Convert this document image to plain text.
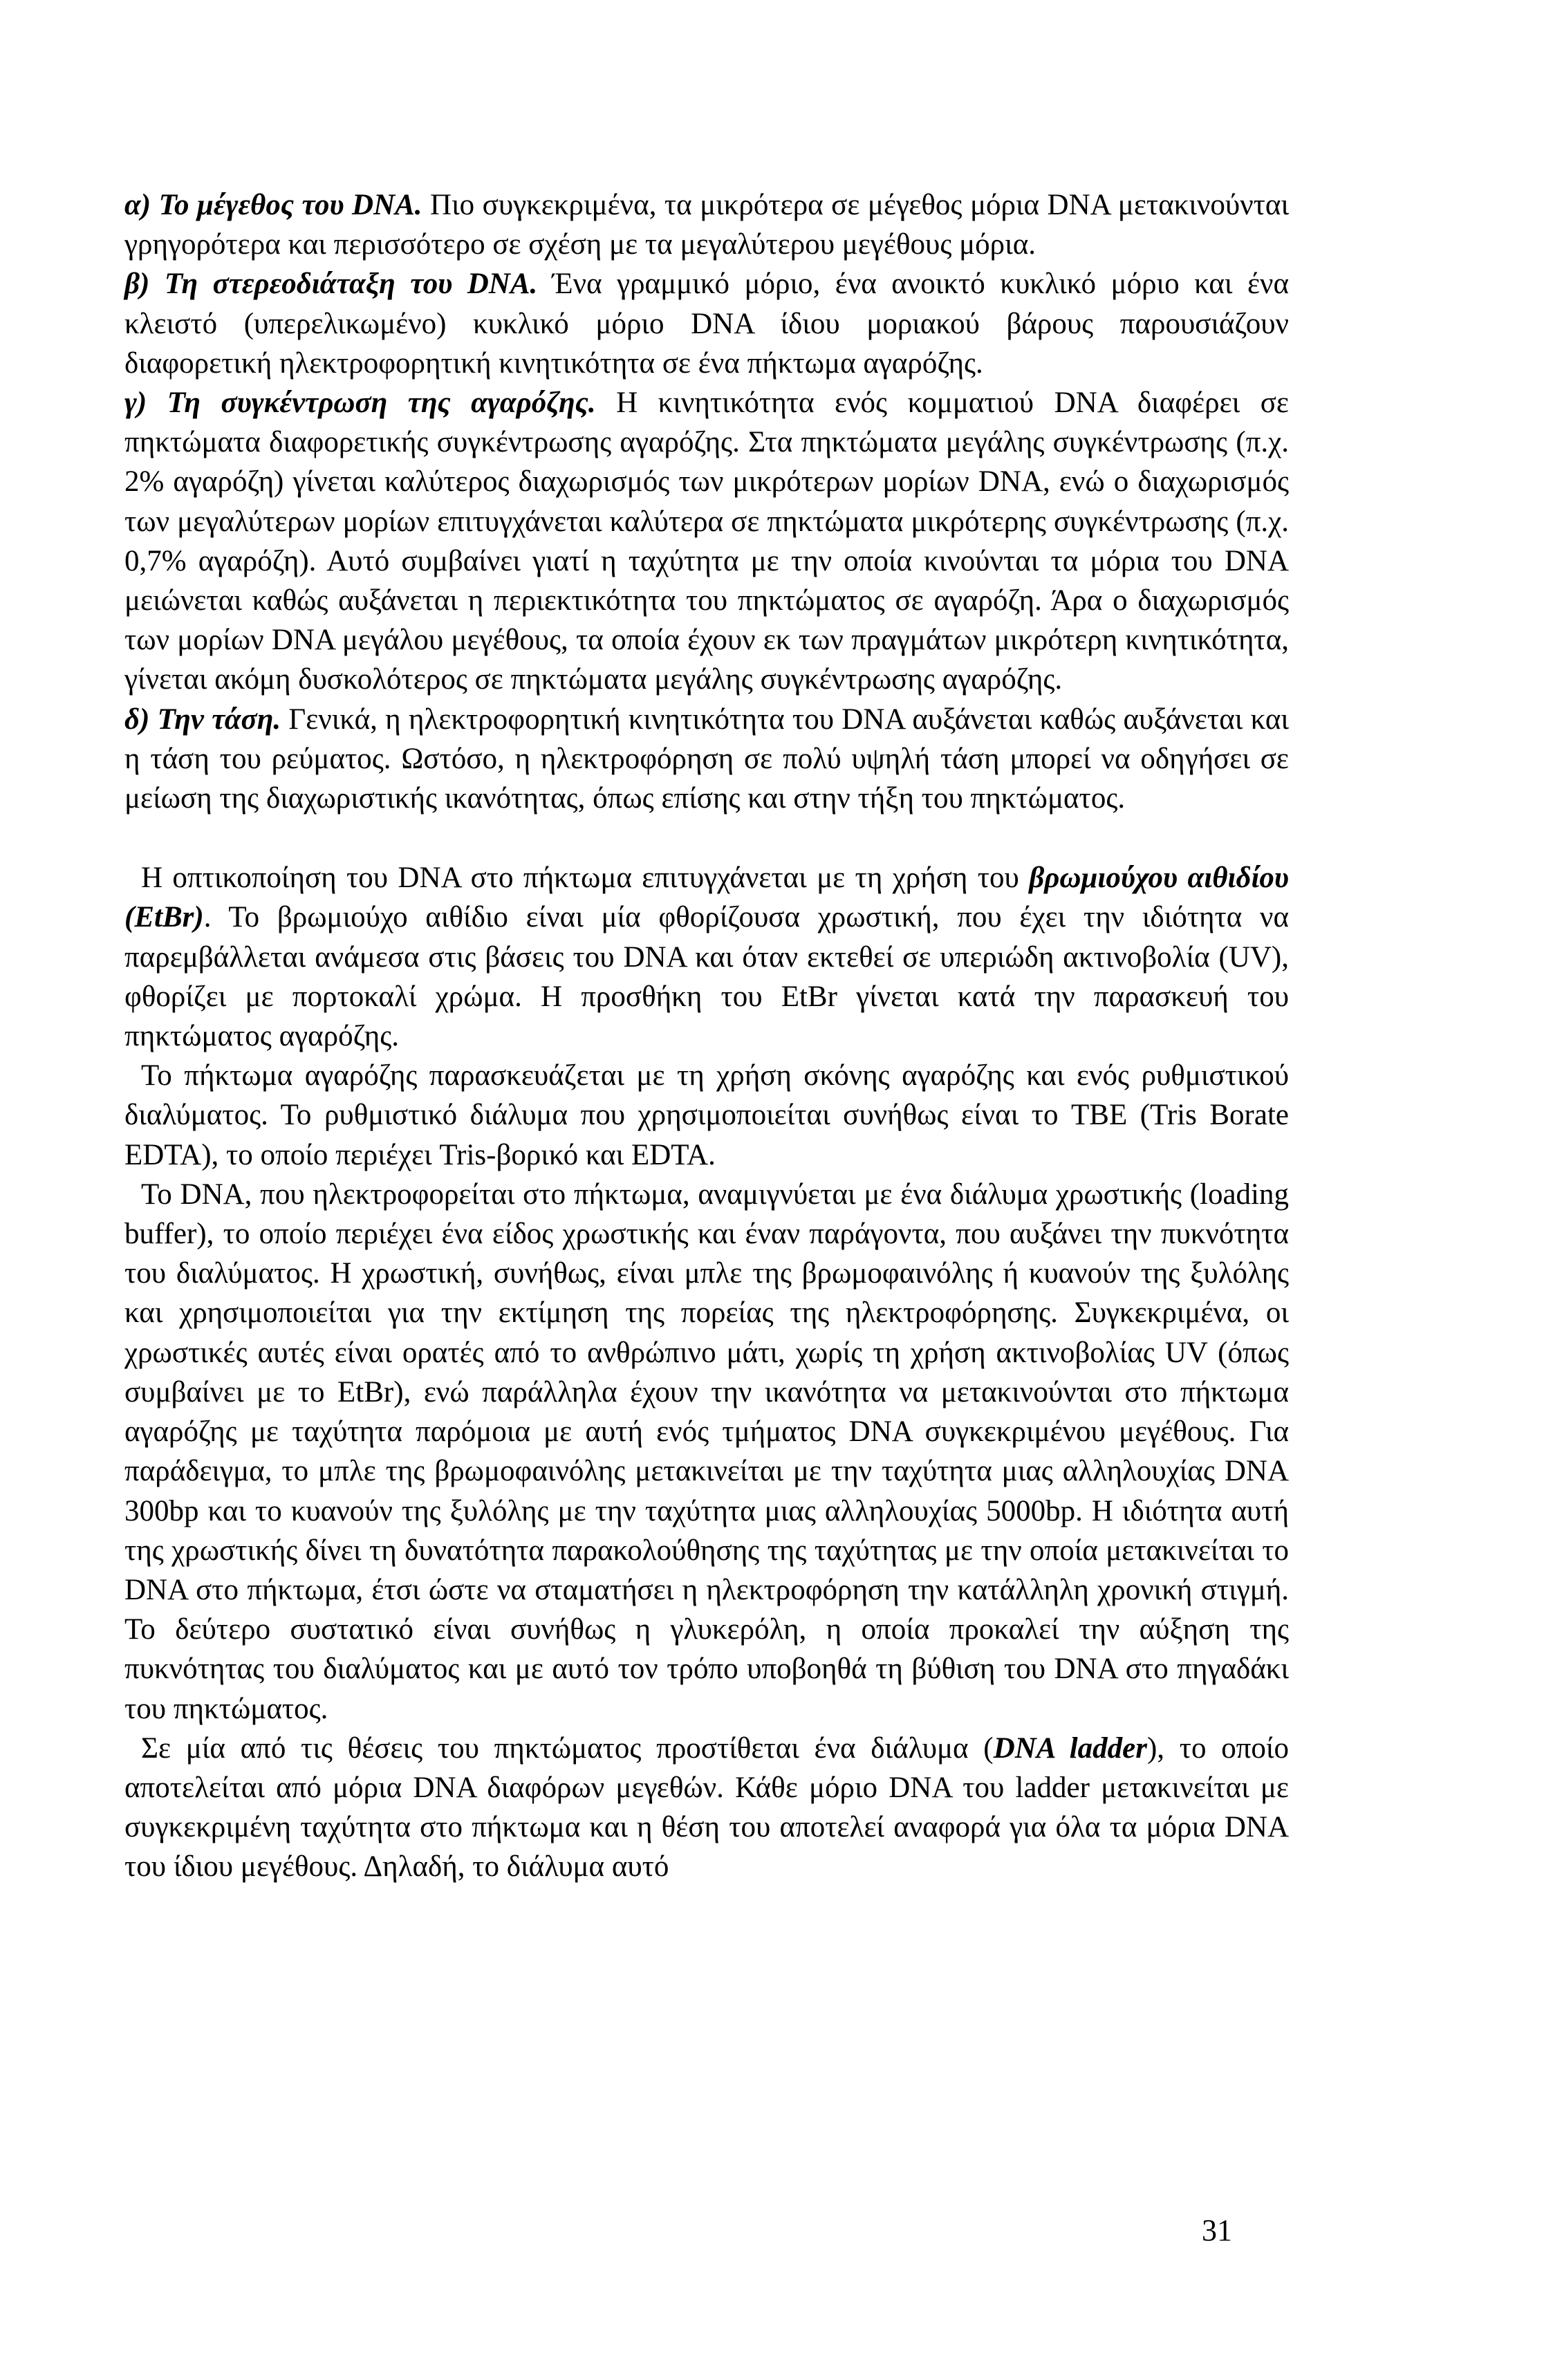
α) Το μέγεθος του DNA. Πιο συγκεκριμένα, τα μικρότερα σε μέγεθος μόρια DNA μετακινούνται γρηγορότερα και περισσότερο σε σχέση με τα μεγαλύτερου μεγέθους μόρια.

β) Τη στερεοδιάταξη του DNA. Ένα γραμμικό μόριο, ένα ανοικτό κυκλικό μόριο και ένα κλειστό (υπερελικωμένο) κυκλικό μόριο DNA ίδιου μοριακού βάρους παρουσιάζουν διαφορετική ηλεκτροφορητική κινητικότητα σε ένα πήκτωμα αγαρόζης.

γ) Τη συγκέντρωση της αγαρόζης. Η κινητικότητα ενός κομματιού DNA διαφέρει σε πηκτώματα διαφορετικής συγκέντρωσης αγαρόζης. Στα πηκτώματα μεγάλης συγκέντρωσης (π.χ. 2% αγαρόζη) γίνεται καλύτερος διαχωρισμός των μικρότερων μορίων DNA, ενώ ο διαχωρισμός των μεγαλύτερων μορίων επιτυγχάνεται καλύτερα σε πηκτώματα μικρότερης συγκέντρωσης (π.χ. 0,7% αγαρόζη). Αυτό συμβαίνει γιατί η ταχύτητα με την οποία κινούνται τα μόρια του DNA μειώνεται καθώς αυξάνεται η περιεκτικότητα του πηκτώματος σε αγαρόζη. Άρα ο διαχωρισμός των μορίων DNA μεγάλου μεγέθους, τα οποία έχουν εκ των πραγμάτων μικρότερη κινητικότητα, γίνεται ακόμη δυσκολότερος σε πηκτώματα μεγάλης συγκέντρωσης αγαρόζης.

δ) Την τάση. Γενικά, η ηλεκτροφορητική κινητικότητα του DNA αυξάνεται καθώς αυξάνεται και η τάση του ρεύματος. Ωστόσο, η ηλεκτροφόρηση σε πολύ υψηλή τάση μπορεί να οδηγήσει σε μείωση της διαχωριστικής ικανότητας, όπως επίσης και στην τήξη του πηκτώματος.

Η οπτικοποίηση του DNA στο πήκτωμα επιτυγχάνεται με τη χρήση του βρωμιούχου αιθιδίου (EtBr). Το βρωμιούχο αιθίδιο είναι μία φθορίζουσα χρωστική, που έχει την ιδιότητα να παρεμβάλλεται ανάμεσα στις βάσεις του DNA και όταν εκτεθεί σε υπεριώδη ακτινοβολία (UV), φθορίζει με πορτοκαλί χρώμα. Η προσθήκη του EtBr γίνεται κατά την παρασκευή του πηκτώματος αγαρόζης.

Το πήκτωμα αγαρόζης παρασκευάζεται με τη χρήση σκόνης αγαρόζης και ενός ρυθμιστικού διαλύματος. Το ρυθμιστικό διάλυμα που χρησιμοποιείται συνήθως είναι το TBE (Tris Borate EDTA), το οποίο περιέχει Tris-βορικό και EDTA.

Το DNA, που ηλεκτροφορείται στο πήκτωμα, αναμιγνύεται με ένα διάλυμα χρωστικής (loading buffer), το οποίο περιέχει ένα είδος χρωστικής και έναν παράγοντα, που αυξάνει την πυκνότητα του διαλύματος. Η χρωστική, συνήθως, είναι μπλε της βρωμοφαινόλης ή κυανούν της ξυλόλης και χρησιμοποιείται για την εκτίμηση της πορείας της ηλεκτροφόρησης. Συγκεκριμένα, οι χρωστικές αυτές είναι ορατές από το ανθρώπινο μάτι, χωρίς τη χρήση ακτινοβολίας UV (όπως συμβαίνει με το EtBr), ενώ παράλληλα έχουν την ικανότητα να μετακινούνται στο πήκτωμα αγαρόζης με ταχύτητα παρόμοια με αυτή ενός τμήματος DNA συγκεκριμένου μεγέθους. Για παράδειγμα, το μπλε της βρωμοφαινόλης μετακινείται με την ταχύτητα μιας αλληλουχίας DNA 300bp και το κυανούν της ξυλόλης με την ταχύτητα μιας αλληλουχίας 5000bp. Η ιδιότητα αυτή της χρωστικής δίνει τη δυνατότητα παρακολούθησης της ταχύτητας με την οποία μετακινείται το DNA στο πήκτωμα, έτσι ώστε να σταματήσει η ηλεκτροφόρηση την κατάλληλη χρονική στιγμή. Το δεύτερο συστατικό είναι συνήθως η γλυκερόλη, η οποία προκαλεί την αύξηση της πυκνότητας του διαλύματος και με αυτό τον τρόπο υποβοηθά τη βύθιση του DNA στο πηγαδάκι του πηκτώματος.

Σε μία από τις θέσεις του πηκτώματος προστίθεται ένα διάλυμα (DNA ladder), το οποίο αποτελείται από μόρια DNA διαφόρων μεγεθών. Κάθε μόριο DNA του ladder μετακινείται με συγκεκριμένη ταχύτητα στο πήκτωμα και η θέση του αποτελεί αναφορά για όλα τα μόρια DNA του ίδιου μεγέθους. Δηλαδή, το διάλυμα αυτό

31
